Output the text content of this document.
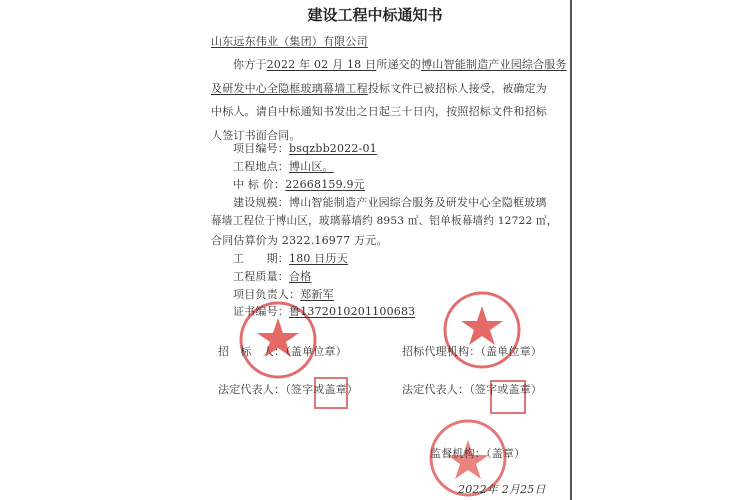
建设工程中标通知书
山东远东伟业（集团）有限公司
你方于2022 年 02 月 18 日所递交的博山智能制造产业园综合服务
及研发中心全隐框玻璃幕墙工程投标文件已被招标人接受，被确定为
中标人。请自中标通知书发出之日起三十日内，按照招标文件和招标
人签订书面合同。
项目编号：bsqzbb2022-01
工程地点：博山区。
中 标 价：22668159.9元
建设规模：博山智能制造产业园综合服务及研发中心全隐框玻璃
幕墙工程位于博山区，玻璃幕墙约 8953 ㎡、铝单板幕墙约 12722 ㎡，
合同估算价为 2322.16977 万元。
工　　期：180 日历天
工程质量：合格
项目负责人：郑新军
证书编号：鲁137201020110068З
招　标　人：（盖单位章）	招标代理机构：（盖单位章）
法定代表人：（签字或盖章）	法定代表人：（签字或盖章）
监督机构：（盖章）
2022年 2月25日
